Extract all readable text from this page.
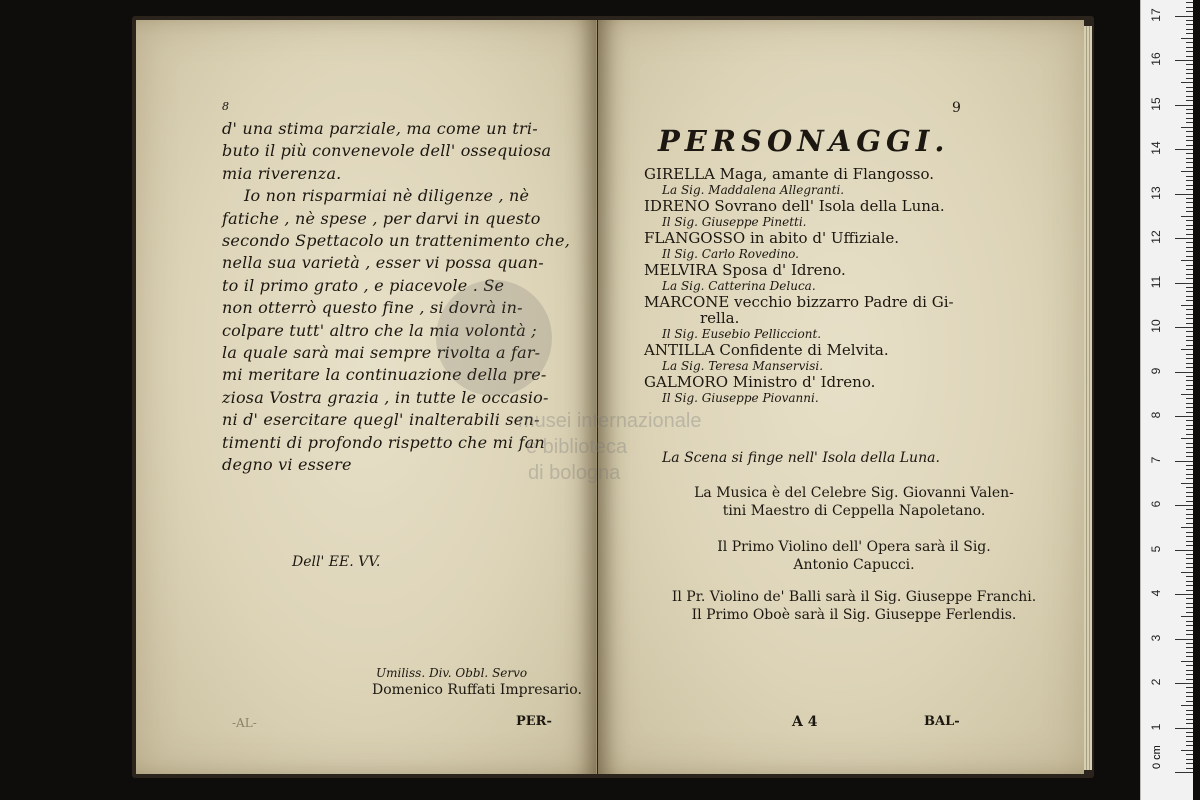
8
d' una stima parziale, ma come un tri-
buto il più convenevole dell' ossequiosa
mia riverenza.
Io non risparmiai nè diligenze , nè
fatiche , nè spese , per darvi in questo
secondo Spettacolo un trattenimento che,
nella sua varietà , esser vi possa quan-
to il primo grato , e piacevole . Se
non otterrò questo fine , si dovrà in-
colpare tutt' altro che la mia volontà ;
la quale sarà mai sempre rivolta a far-
mi meritare la continuazione della pre-
ziosa Vostra grazia , in tutte le occasio-
ni d' esercitare quegl' inalterabili sen-
timenti di profondo rispetto che mi fan
degno vi essere
Dell' EE. VV.
Umiliss. Div. Obbl. Servo
Domenico Ruffati Impresario.
-AL-	PER-
9
PERSONAGGI.
GIRELLA Maga, amante di Flangosso.
La Sig. Maddalena Allegranti.
IDRENO Sovrano dell' Isola della Luna.
Il Sig. Giuseppe Pinetti.
FLANGOSSO in abito d' Uffiziale.
Il Sig. Carlo Rovedino.
MELVIRA Sposa d' Idreno.
La Sig. Catterina Deluca.
MARCONE vecchio bizzarro Padre di Gi-
rella.
Il Sig. Eusebio Pellicciont.
ANTILLA Confidente di Melvita.
La Sig. Teresa Manservisi.
GALMORO Ministro d' Idreno.
Il Sig. Giuseppe Piovanni.
La Scena si finge nell' Isola della Luna.
La Musica è del Celebre Sig. Giovanni Valen-
tini Maestro di Ceppella Napoletano.
Il Primo Violino dell' Opera sarà il Sig.
Antonio Capucci.
Il Pr. Violino de' Balli sarà il Sig. Giuseppe Franchi.
Il Primo Oboè sarà il Sig. Giuseppe Ferlendis.
A 4	BAL-
musei internazionale
e biblioteca
di bologna
0 cm
1
2
3
4
5
6
7
8
9
10
11
12
13
14
15
16
17
